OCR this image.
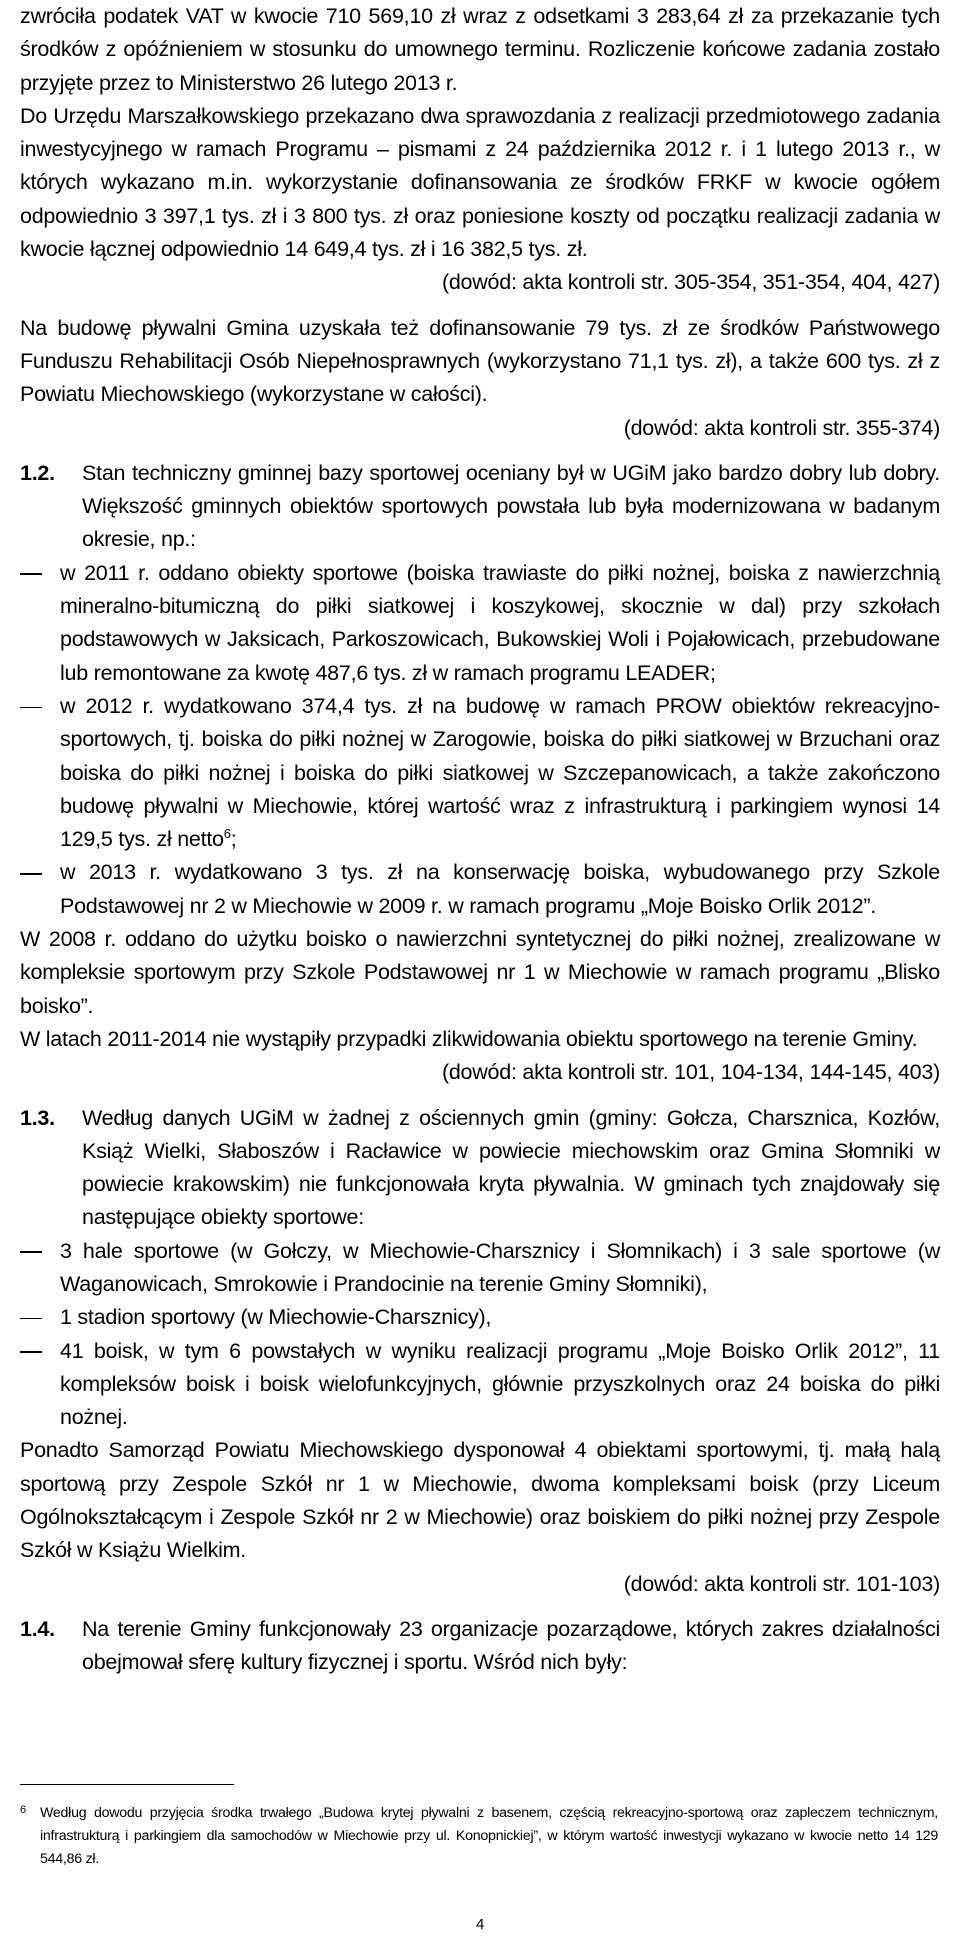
zwróciła podatek VAT w kwocie 710 569,10 zł wraz z odsetkami 3 283,64 zł za przekazanie tych środków z opóźnieniem w stosunku do umownego terminu. Rozliczenie końcowe zadania zostało przyjęte przez to Ministerstwo 26 lutego 2013 r.

Do Urzędu Marszałkowskiego przekazano dwa sprawozdania z realizacji przedmiotowego zadania inwestycyjnego w ramach Programu – pismami z 24 października 2012 r. i 1 lutego 2013 r., w których wykazano m.in. wykorzystanie dofinansowania ze środków FRKF w kwocie ogółem odpowiednio 3 397,1 tys. zł i 3 800 tys. zł oraz poniesione koszty od początku realizacji zadania w kwocie łącznej odpowiednio 14 649,4 tys. zł i 16 382,5 tys. zł.

(dowód: akta kontroli str. 305-354, 351-354, 404, 427)

Na budowę pływalni Gmina uzyskała też dofinansowanie 79 tys. zł ze środków Państwowego Funduszu Rehabilitacji Osób Niepełnosprawnych (wykorzystano 71,1 tys. zł), a także 600 tys. zł z Powiatu Miechowskiego (wykorzystane w całości).

(dowód: akta kontroli str. 355-374)

1.2.	Stan techniczny gminnej bazy sportowej oceniany był w UGiM jako bardzo dobry lub dobry. Większość gminnych obiektów sportowych powstała lub była modernizowana w badanym okresie, np.:
w 2011 r. oddano obiekty sportowe (boiska trawiaste do piłki nożnej, boiska z nawierzchnią mineralno-bitumiczną do piłki siatkowej i koszykowej, skocznie w dal) przy szkołach podstawowych w Jaksicach, Parkoszowicach, Bukowskiej Woli i Pojałowicach, przebudowane lub remontowane za kwotę 487,6 tys. zł w ramach programu LEADER;
w 2012 r. wydatkowano 374,4 tys. zł na budowę w ramach PROW obiektów rekreacyjno-sportowych, tj. boiska do piłki nożnej w Zarogowie, boiska do piłki siatkowej w Brzuchani oraz boiska do piłki nożnej i boiska do piłki siatkowej w Szczepanowicach, a także zakończono budowę pływalni w Miechowie, której wartość wraz z infrastrukturą i parkingiem wynosi 14 129,5 tys. zł netto$^6$;
w 2013 r. wydatkowano 3 tys. zł na konserwację boiska, wybudowanego przy Szkole Podstawowej nr 2 w Miechowie w 2009 r. w ramach programu „Moje Boisko Orlik 2012”.

W 2008 r. oddano do użytku boisko o nawierzchni syntetycznej do piłki nożnej, zrealizowane w kompleksie sportowym przy Szkole Podstawowej nr 1 w Miechowie w ramach programu „Blisko boisko”.

W latach 2011-2014 nie wystąpiły przypadki zlikwidowania obiektu sportowego na terenie Gminy.

(dowód: akta kontroli str. 101, 104-134, 144-145, 403)

1.3.	Według danych UGiM w żadnej z ościennych gmin (gminy: Gołcza, Charsznica, Kozłów, Książ Wielki, Słaboszów i Racławice w powiecie miechowskim oraz Gmina Słomniki w powiecie krakowskim) nie funkcjonowała kryta pływalnia. W gminach tych znajdowały się następujące obiekty sportowe:
3 hale sportowe (w Gołczy, w Miechowie-Charsznicy i Słomnikach) i 3 sale sportowe (w Waganowicach, Smrokowie i Prandocinie na terenie Gminy Słomniki),
1 stadion sportowy (w Miechowie-Charsznicy),
41 boisk, w tym 6 powstałych w wyniku realizacji programu „Moje Boisko Orlik 2012”, 11 kompleksów boisk i boisk wielofunkcyjnych, głównie przyszkolnych oraz 24 boiska do piłki nożnej.

Ponadto Samorząd Powiatu Miechowskiego dysponował 4 obiektami sportowymi, tj. małą halą sportową przy Zespole Szkół nr 1 w Miechowie, dwoma kompleksami boisk (przy Liceum Ogólnokształcącym i Zespole Szkół nr 2 w Miechowie) oraz boiskiem do piłki nożnej przy Zespole Szkół w Książu Wielkim.

(dowód: akta kontroli str. 101-103)

1.4.	Na terenie Gminy funkcjonowały 23 organizacje pozarządowe, których zakres działalności obejmował sferę kultury fizycznej i sportu. Wśród nich były:
6 Według dowodu przyjęcia środka trwałego „Budowa krytej pływalni z basenem, częścią rekreacyjno-sportową oraz zapleczem technicznym, infrastrukturą i parkingiem dla samochodów w Miechowie przy ul. Konopnickiej”, w którym wartość inwestycji wykazano w kwocie netto 14 129 544,86 zł.
4
